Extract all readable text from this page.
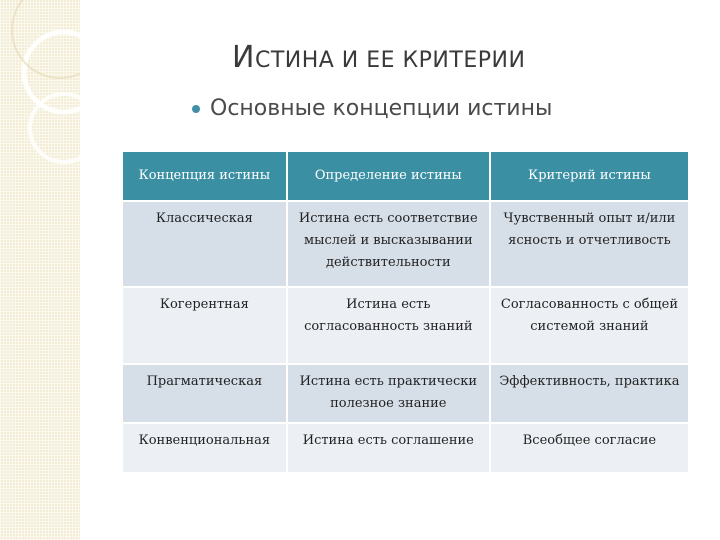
ИСТИНА И ЕЕ КРИТЕРИИ
Основные концепции истины
Концепция истины	Определение истины	Критерий истины
Классическая	Истина есть соответствие мыслей и высказывании действительности	Чувственный опыт и/или ясность и отчетливость
Когерентная	Истина есть согласованность знаний	Согласованность с общей системой знаний
Прагматическая	Истина есть практически полезное знание	Эффективность, практика
Конвенциональная	Истина есть соглашение	Всеобщее согласие
